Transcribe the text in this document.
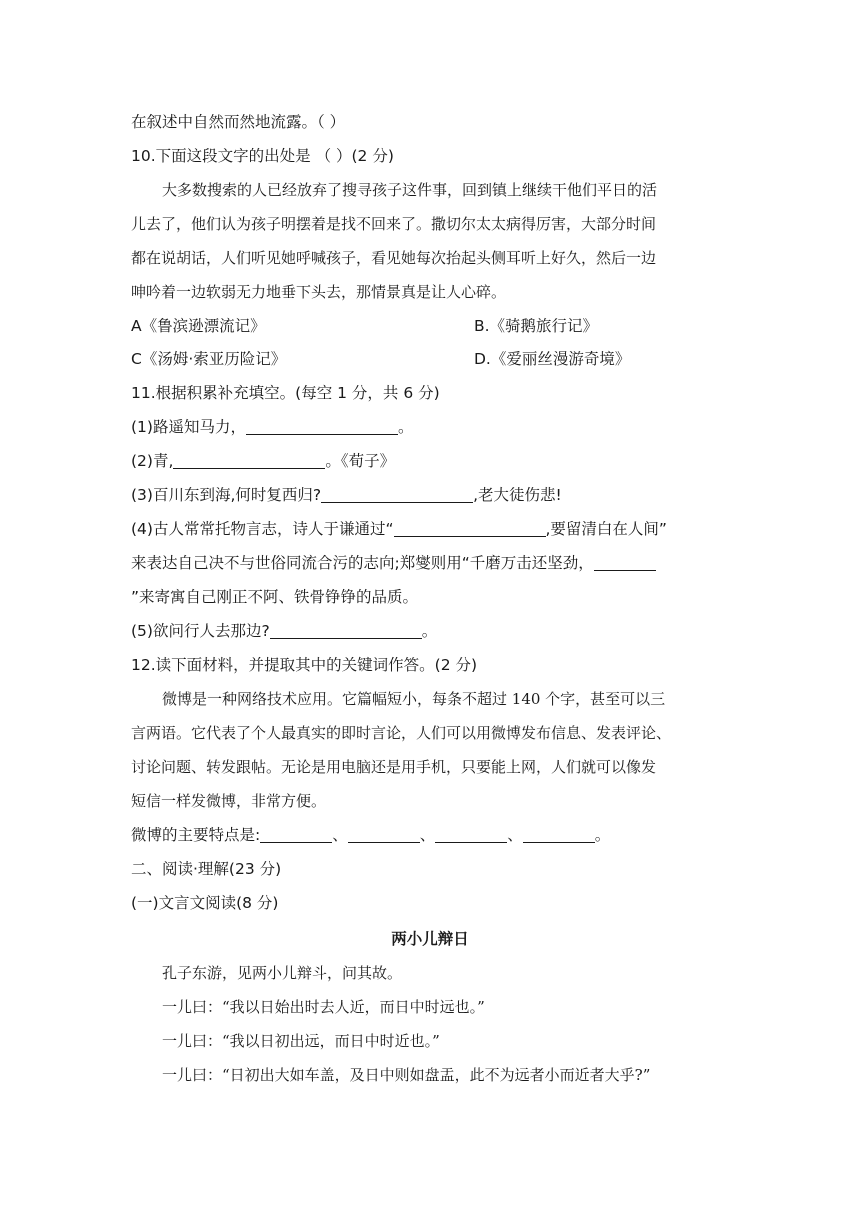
在叙述中自然而然地流露。（ ）
10.下面这段文字的出处是 （ ）(2 分)
大多数搜索的人已经放弃了搜寻孩子这件事，回到镇上继续干他们平日的活
儿去了，他们认为孩子明摆着是找不回来了。撒切尔太太病得厉害，大部分时间
都在说胡话，人们听见她呼喊孩子，看见她每次抬起头侧耳听上好久，然后一边
呻吟着一边软弱无力地垂下头去，那情景真是让人心碎。
A《鲁滨逊漂流记》	B.《骑鹅旅行记》
C《汤姆·索亚历险记》	D.《爱丽丝漫游奇境》
11.根据积累补充填空。(每空 1 分，共 6 分)
(1)路遥知马力，	。
(2)青,	。《荀子》
(3)百川东到海,何时复西归?	,老大徒伤悲!
(4)古人常常托物言志，诗人于谦通过“	,要留清白在人间”
来表达自己决不与世俗同流合污的志向;郑燮则用“千磨万击还坚劲，
”来寄寓自己刚正不阿、铁骨铮铮的品质。
(5)欲问行人去那边?	。
12.读下面材料，并提取其中的关键词作答。(2 分)
微博是一种网络技术应用。它篇幅短小，每条不超过 140 个字，甚至可以三
言两语。它代表了个人最真实的即时言论，人们可以用微博发布信息、发表评论、
讨论问题、转发跟帖。无论是用电脑还是用手机，只要能上网，人们就可以像发
短信一样发微博，非常方便。
微博的主要特点是:	、	、	、	。
二、阅读·理解(23 分)
(一)文言文阅读(8 分)
两小儿辩日
孔子东游，见两小儿辩斗，问其故。
一儿曰：“我以日始出时去人近，而日中时远也。”
一儿曰：“我以日初出远，而日中时近也。”
一儿曰：“日初出大如车盖，及日中则如盘盂，此不为远者小而近者大乎?”
